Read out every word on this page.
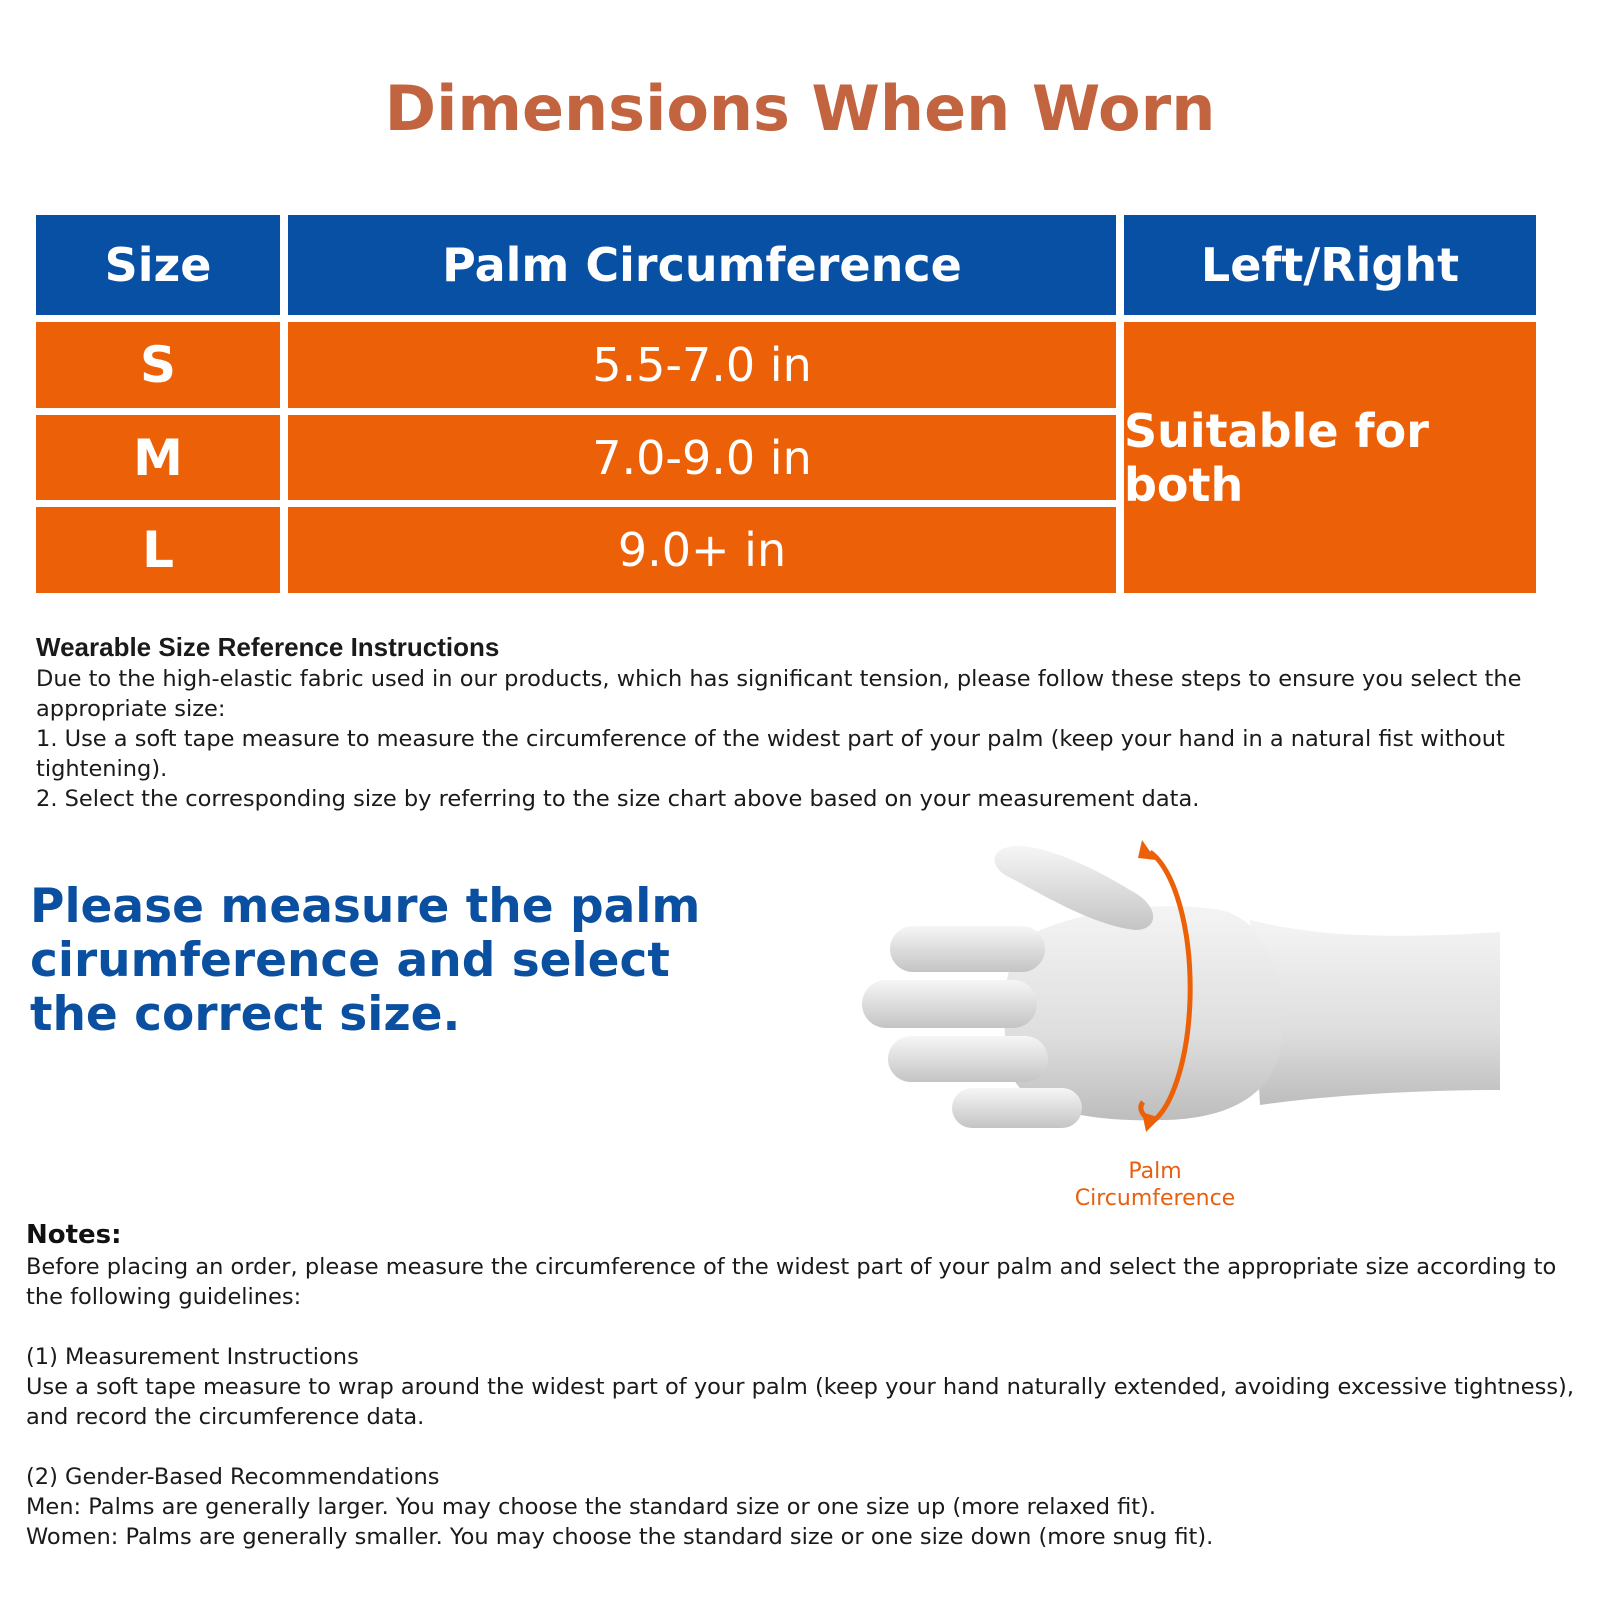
Dimensions When Worn
Size	Palm Circumference	Left/Right
S	5.5-7.0 in
M	7.0-9.0 in
L	9.0+ in
Suitable for both
Wearable Size Reference Instructions

Due to the high-elastic fabric used in our products, which has significant tension, please follow these steps to ensure you select the appropriate size:

1. Use a soft tape measure to measure the circumference of the widest part of your palm (keep your hand in a natural fist without tightening).

2. Select the corresponding size by referring to the size chart above based on your measurement data.

Please measure the palm cirumference and select the correct size.
Palm
Circumference
Notes:

Before placing an order, please measure the circumference of the widest part of your palm and select the appropriate size according to the following guidelines:

(1) Measurement Instructions

Use a soft tape measure to wrap around the widest part of your palm (keep your hand naturally extended, avoiding excessive tightness), and record the circumference data.

(2) Gender-Based Recommendations

Men: Palms are generally larger. You may choose the standard size or one size up (more relaxed fit).

Women: Palms are generally smaller. You may choose the standard size or one size down (more snug fit).
